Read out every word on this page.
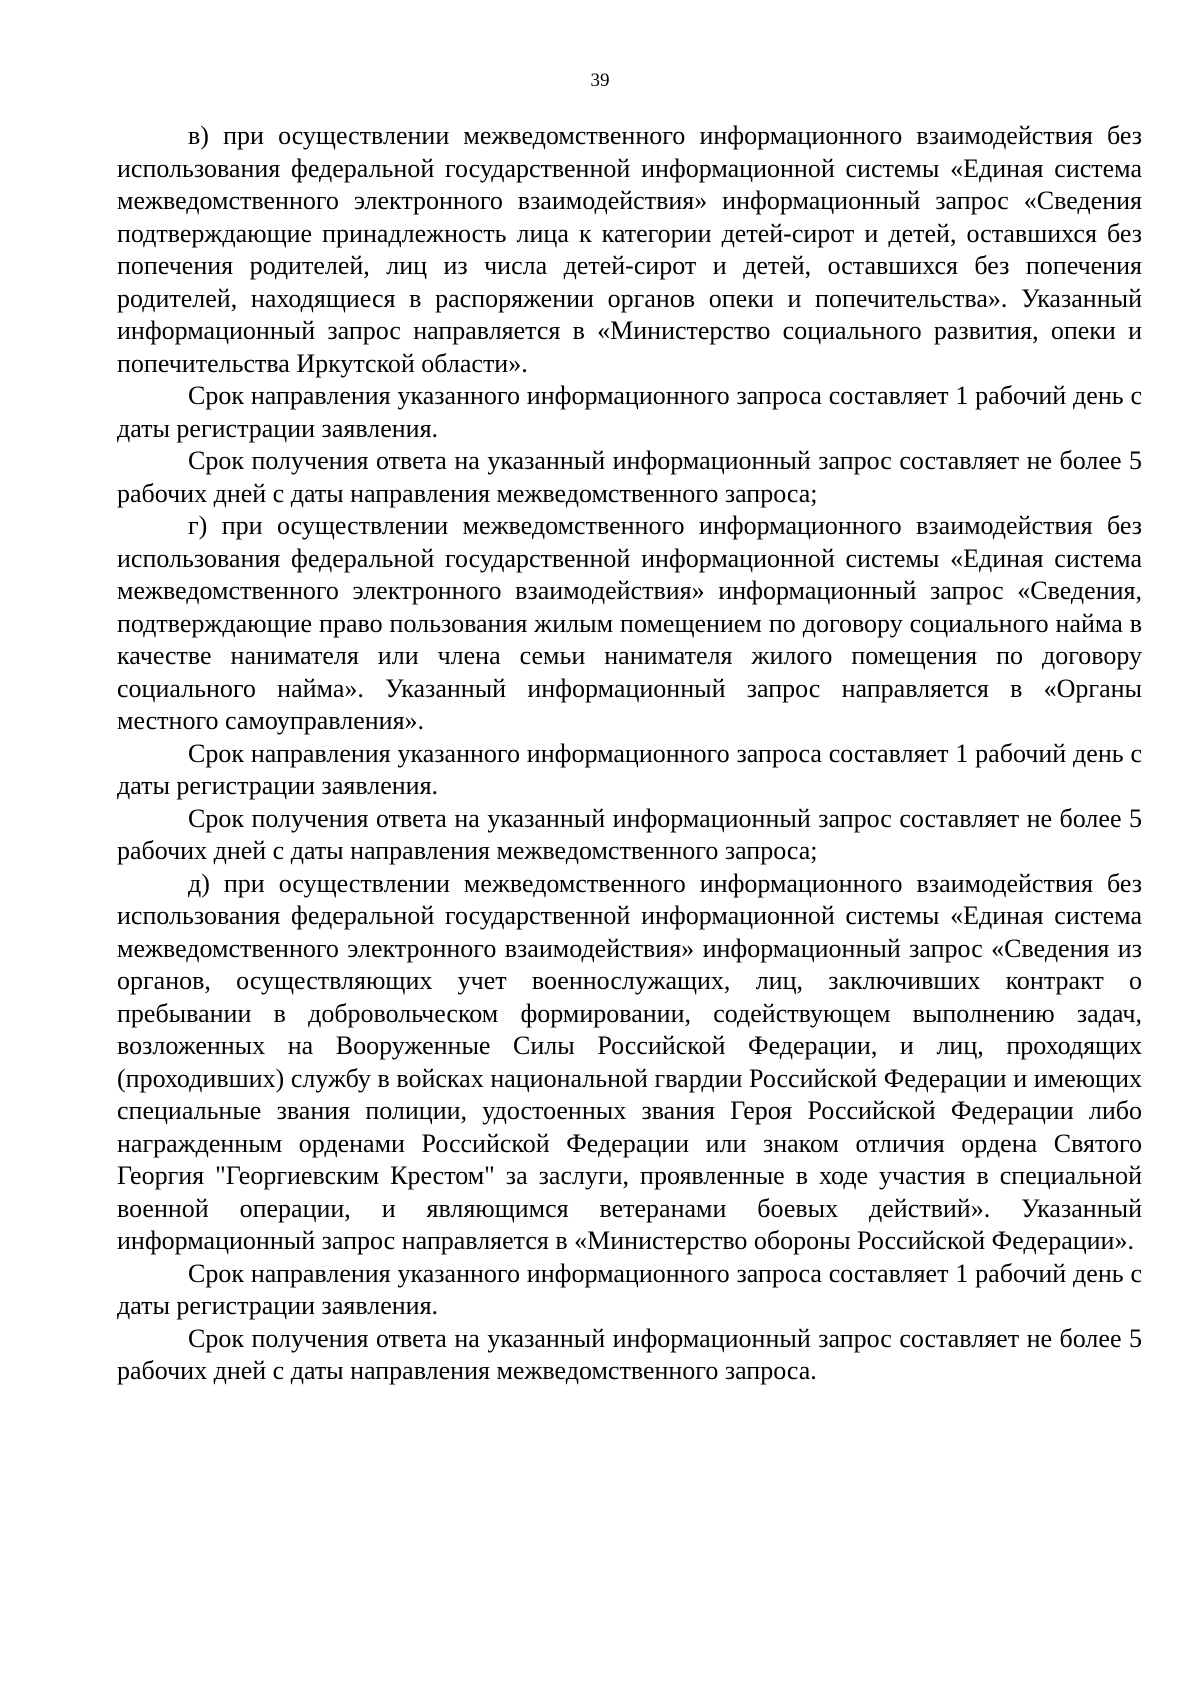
39

в) при осуществлении межведомственного информационного взаимодействия без использования федеральной государственной информационной системы «Единая система межведомственного электронного взаимодействия» информационный запрос «Сведения подтверждающие принадлежность лица к категории детей-сирот и детей, оставшихся без попечения родителей, лиц из числа детей-сирот и детей, оставшихся без попечения родителей, находящиеся в распоряжении органов опеки и попечительства». Указанный информационный запрос направляется в «Министерство социального развития, опеки и попечительства Иркутской области».

Срок направления указанного информационного запроса составляет 1 рабочий день с даты регистрации заявления.

Срок получения ответа на указанный информационный запрос составляет не более 5 рабочих дней с даты направления межведомственного запроса;

г) при осуществлении межведомственного информационного взаимодействия без использования федеральной государственной информационной системы «Единая система межведомственного электронного взаимодействия» информационный запрос «Сведения, подтверждающие право пользования жилым помещением по договору социального найма в качестве нанимателя или члена семьи нанимателя жилого помещения по договору социального найма». Указанный информационный запрос направляется в «Органы местного самоуправления».

Срок направления указанного информационного запроса составляет 1 рабочий день с даты регистрации заявления.

Срок получения ответа на указанный информационный запрос составляет не более 5 рабочих дней с даты направления межведомственного запроса;

д) при осуществлении межведомственного информационного взаимодействия без использования федеральной государственной информационной системы «Единая система межведомственного электронного взаимодействия» информационный запрос «Сведения из органов, осуществляющих учет военнослужащих, лиц, заключивших контракт о пребывании в добровольческом формировании, содействующем выполнению задач, возложенных на Вооруженные Силы Российской Федерации, и лиц, проходящих (проходивших) службу в войсках национальной гвардии Российской Федерации и имеющих специальные звания полиции, удостоенных звания Героя Российской Федерации либо награжденным орденами Российской Федерации или знаком отличия ордена Святого Георгия "Георгиевским Крестом" за заслуги, проявленные в ходе участия в специальной военной операции, и являющимся ветеранами боевых действий». Указанный информационный запрос направляется в «Министерство обороны Российской Федерации».

Срок направления указанного информационного запроса составляет 1 рабочий день с даты регистрации заявления.

Срок получения ответа на указанный информационный запрос составляет не более 5 рабочих дней с даты направления межведомственного запроса.
